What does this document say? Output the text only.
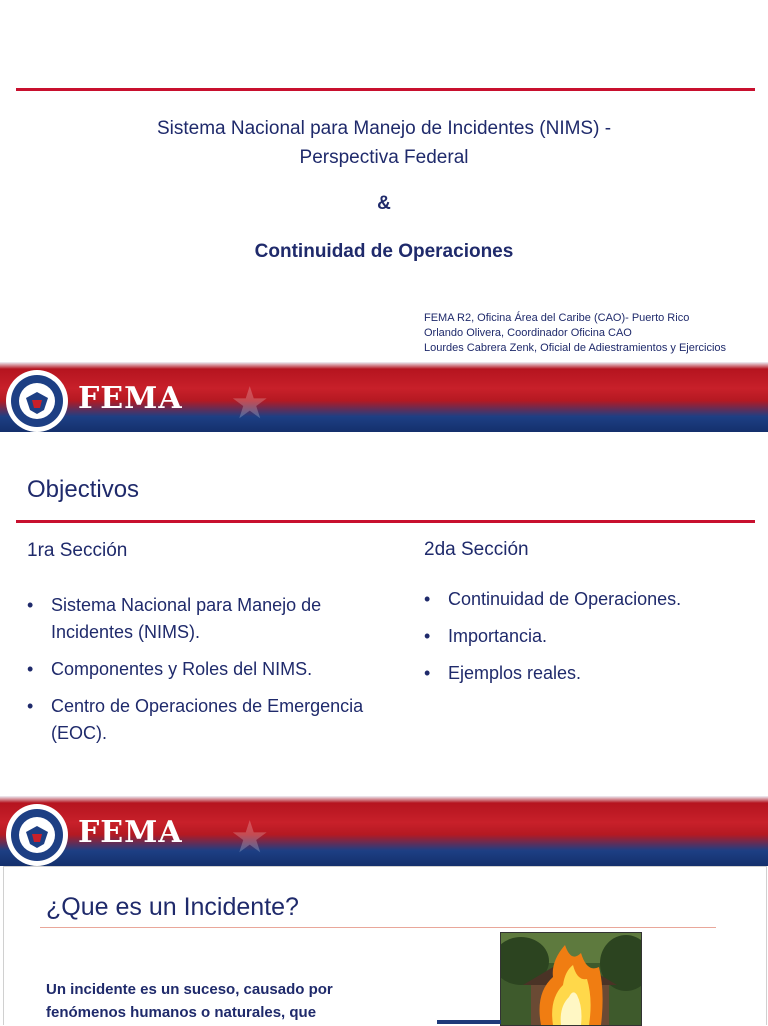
Sistema Nacional para Manejo de Incidentes (NIMS) -
Perspectiva Federal
&
Continuidad de Operaciones
FEMA R2, Oficina Área del Caribe (CAO)- Puerto Rico
Orlando Olivera, Coordinador Oficina CAO
Lourdes Cabrera Zenk, Oficial de Adiestramientos y Ejercicios
FEMA ★
Objectivos
1ra Sección
• Sistema Nacional para Manejo de Incidentes (NIMS).
• Componentes y Roles del NIMS.
• Centro de Operaciones de Emergencia (EOC).
2da Sección
• Continuidad de Operaciones.
• Importancia.
• Ejemplos reales.
FEMA ★
¿Que es un Incidente?
Un incidente es un suceso, causado por
fenómenos humanos o naturales, que
